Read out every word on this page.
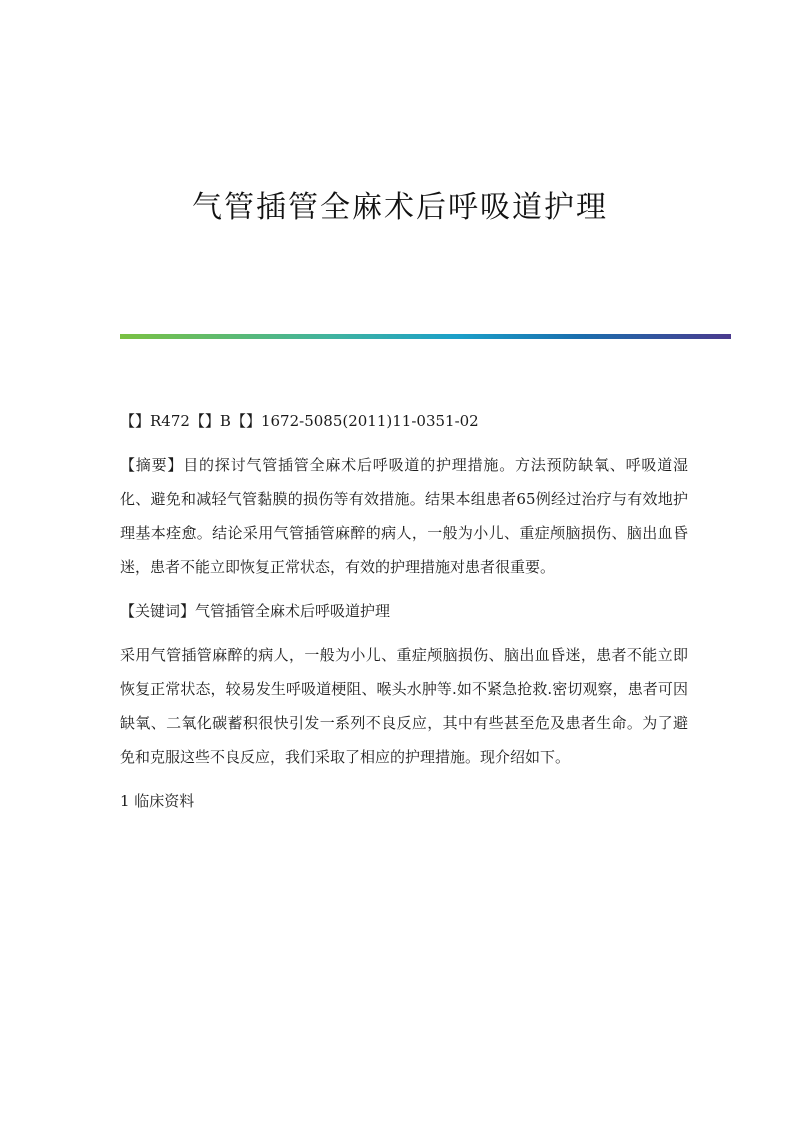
气管插管全麻术后呼吸道护理

【】R472【】B【】1672-5085(2011)11-0351-02

【摘要】目的探讨气管插管全麻术后呼吸道的护理措施。方法预防缺氧、呼吸道湿化、避免和减轻气管黏膜的损伤等有效措施。结果本组患者65例经过治疗与有效地护理基本痊愈。结论采用气管插管麻醉的病人，一般为小儿、重症颅脑损伤、脑出血昏迷，患者不能立即恢复正常状态，有效的护理措施对患者很重要。

【关键词】气管插管全麻术后呼吸道护理

采用气管插管麻醉的病人，一般为小儿、重症颅脑损伤、脑出血昏迷，患者不能立即恢复正常状态，较易发生呼吸道梗阻、喉头水肿等.如不紧急抢救.密切观察，患者可因缺氧、二氧化碳蓄积很快引发一系列不良反应，其中有些甚至危及患者生命。为了避免和克服这些不良反应，我们采取了相应的护理措施。现介绍如下。

1 临床资料
